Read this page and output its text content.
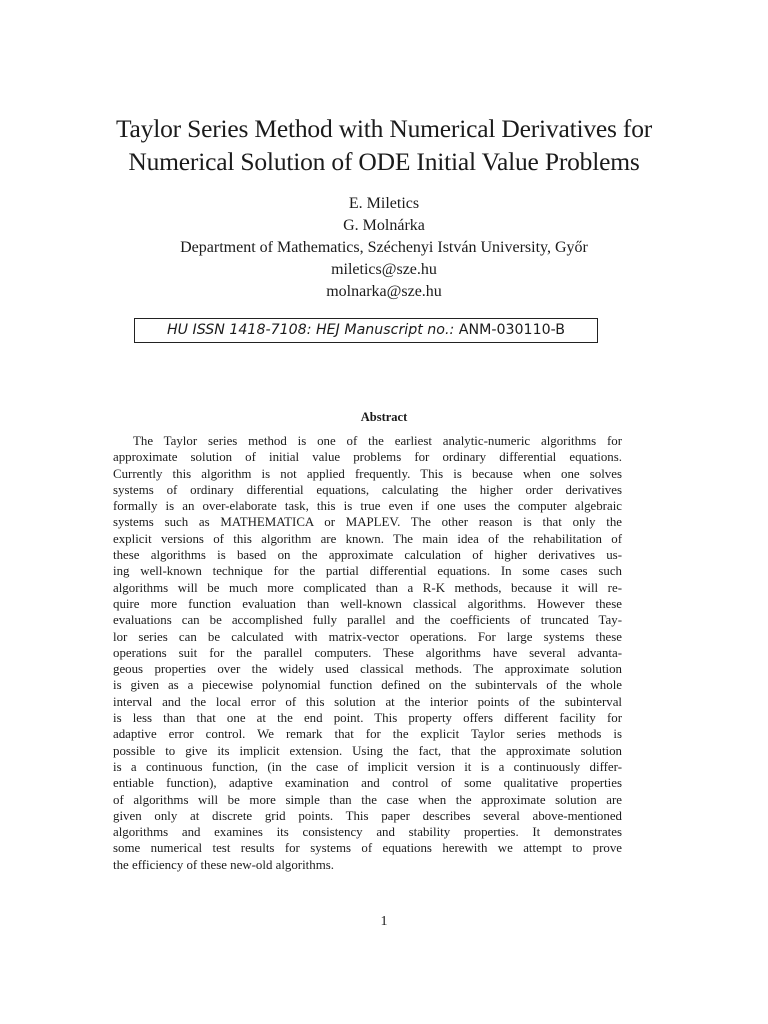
Taylor Series Method with Numerical Derivatives for
Numerical Solution of ODE Initial Value Problems
E. Miletics
G. Molnárka
Department of Mathematics, Széchenyi István University, Győr
miletics@sze.hu
molnarka@sze.hu
HU ISSN 1418-7108: HEJ Manuscript no.: ANM-030110-B
Abstract
The Taylor series method is one of the earliest analytic-numeric algorithms for
approximate solution of initial value problems for ordinary differential equations.
Currently this algorithm is not applied frequently. This is because when one solves
systems of ordinary differential equations, calculating the higher order derivatives
formally is an over-elaborate task, this is true even if one uses the computer algebraic
systems such as MATHEMATICA or MAPLEV. The other reason is that only the
explicit versions of this algorithm are known. The main idea of the rehabilitation of
these algorithms is based on the approximate calculation of higher derivatives us-
ing well-known technique for the partial differential equations. In some cases such
algorithms will be much more complicated than a R-K methods, because it will re-
quire more function evaluation than well-known classical algorithms. However these
evaluations can be accomplished fully parallel and the coefficients of truncated Tay-
lor series can be calculated with matrix-vector operations. For large systems these
operations suit for the parallel computers. These algorithms have several advanta-
geous properties over the widely used classical methods. The approximate solution
is given as a piecewise polynomial function defined on the subintervals of the whole
interval and the local error of this solution at the interior points of the subinterval
is less than that one at the end point. This property offers different facility for
adaptive error control. We remark that for the explicit Taylor series methods is
possible to give its implicit extension. Using the fact, that the approximate solution
is a continuous function, (in the case of implicit version it is a continuously differ-
entiable function), adaptive examination and control of some qualitative properties
of algorithms will be more simple than the case when the approximate solution are
given only at discrete grid points. This paper describes several above-mentioned
algorithms and examines its consistency and stability properties. It demonstrates
some numerical test results for systems of equations herewith we attempt to prove
the efficiency of these new-old algorithms.
1
